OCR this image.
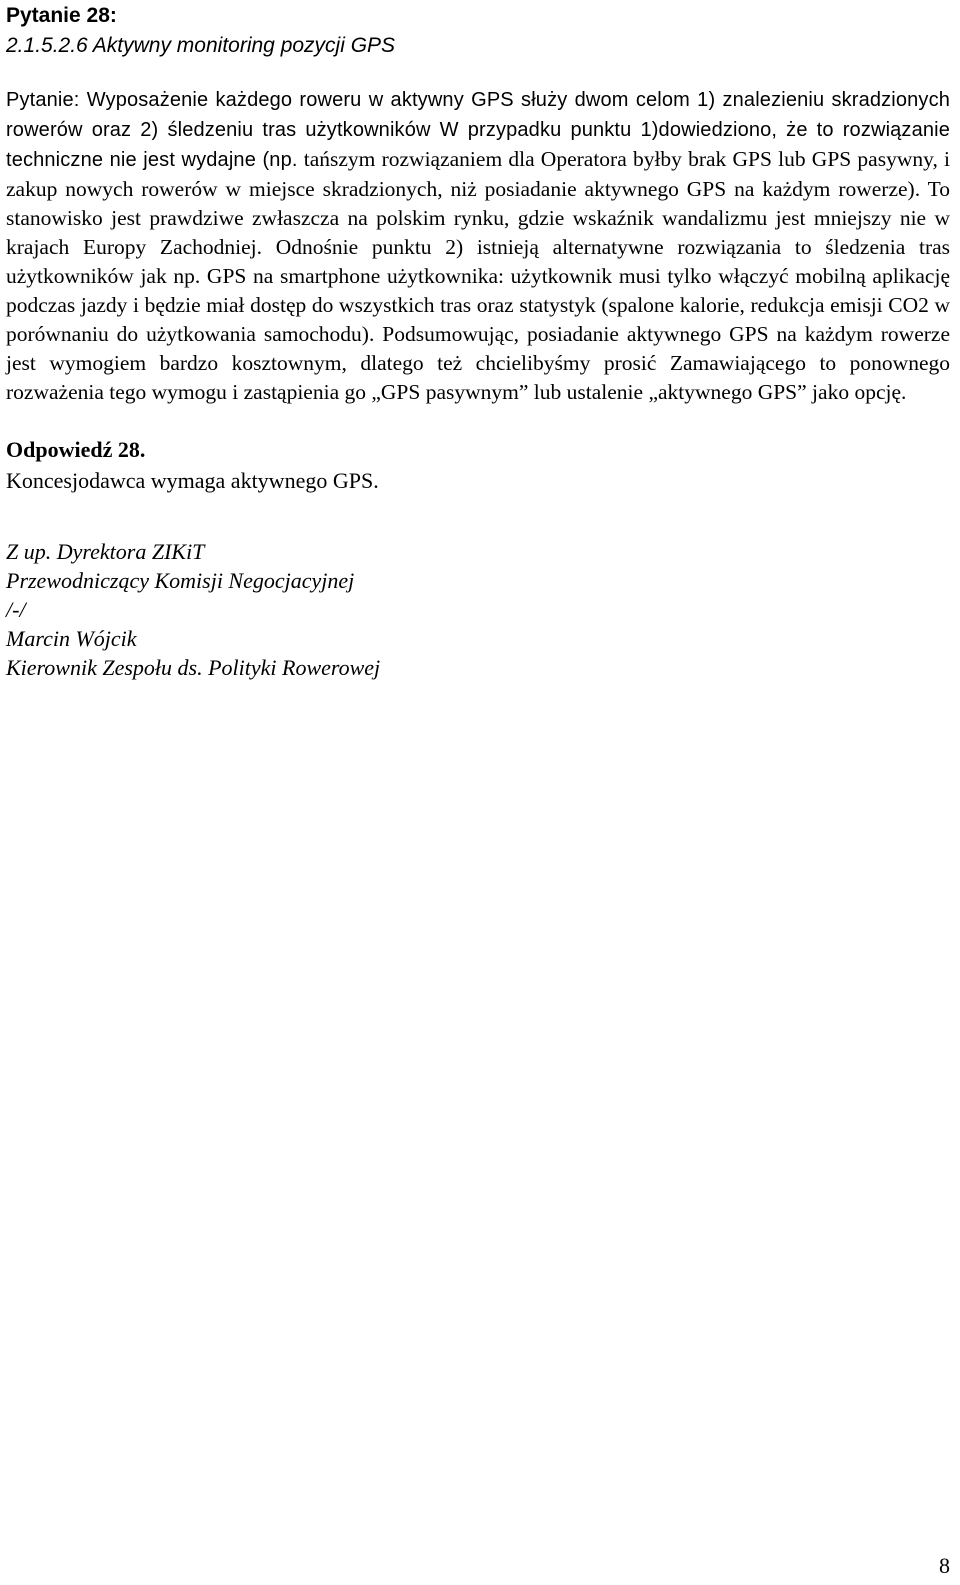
Pytanie 28:
2.1.5.2.6 Aktywny monitoring pozycji GPS

Pytanie: Wyposażenie każdego roweru w aktywny GPS służy dwom celom 1) znalezieniu skradzionych rowerów oraz 2) śledzeniu tras użytkowników W przypadku punktu 1)dowiedziono, że to rozwiązanie techniczne nie jest wydajne (np. tańszym rozwiązaniem dla Operatora byłby brak GPS lub GPS pasywny, i zakup nowych rowerów w miejsce skradzionych, niż posiadanie aktywnego GPS na każdym rowerze). To stanowisko jest prawdziwe zwłaszcza na polskim rynku, gdzie wskaźnik wandalizmu jest mniejszy nie w krajach Europy Zachodniej. Odnośnie punktu 2) istnieją alternatywne rozwiązania to śledzenia tras użytkowników jak np. GPS na smartphone użytkownika: użytkownik musi tylko włączyć mobilną aplikację podczas jazdy i będzie miał dostęp do wszystkich tras oraz statystyk (spalone kalorie, redukcja emisji CO2 w porównaniu do użytkowania samochodu). Podsumowując, posiadanie aktywnego GPS na każdym rowerze jest wymogiem bardzo kosztownym, dlatego też chcielibyśmy prosić Zamawiającego to ponownego rozważenia tego wymogu i zastąpienia go „GPS pasywnym” lub ustalenie „aktywnego GPS” jako opcję.

Odpowiedź 28.
Koncesjodawca wymaga aktywnego GPS.
Z up. Dyrektora ZIKiT
Przewodniczący Komisji Negocjacyjnej
/-/
Marcin Wójcik
Kierownik Zespołu ds. Polityki Rowerowej
8
